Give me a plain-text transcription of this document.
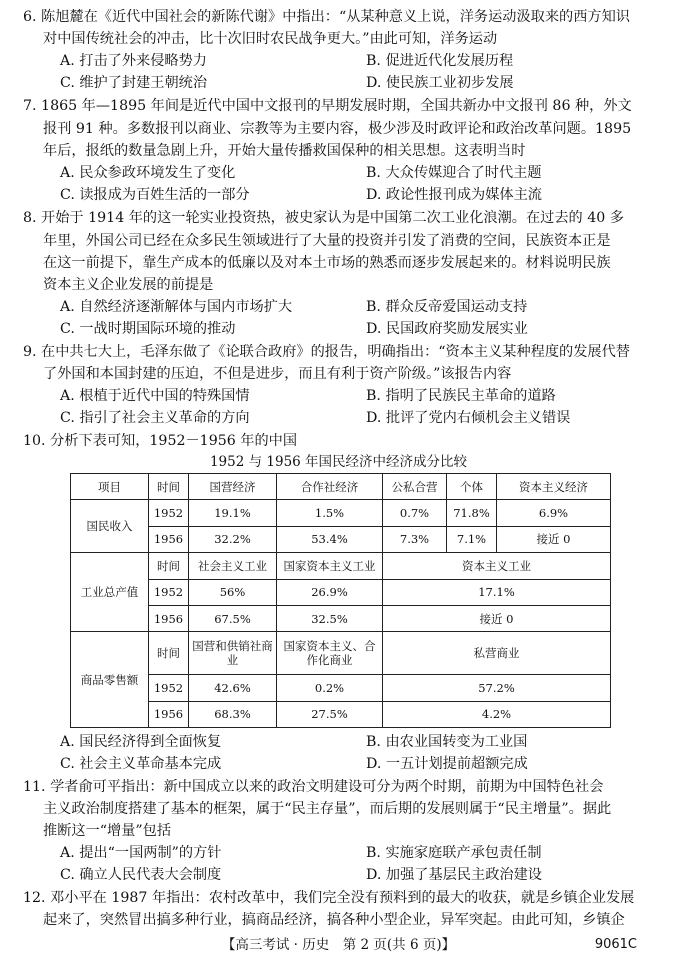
6. 陈旭麓在《近代中国社会的新陈代谢》中指出：“从某种意义上说，洋务运动汲取来的西方知识
对中国传统社会的冲击，比十次旧时农民战争更大。”由此可知，洋务运动
A. 打击了外来侵略势力	B. 促进近代化发展历程
C. 维护了封建王朝统治	D. 使民族工业初步发展
7. 1865 年—1895 年间是近代中国中文报刊的早期发展时期，全国共新办中文报刊 86 种，外文
报刊 91 种。多数报刊以商业、宗教等为主要内容，极少涉及时政评论和政治改革问题。1895
年后，报纸的数量急剧上升，开始大量传播救国保种的相关思想。这表明当时
A. 民众参政环境发生了变化	B. 大众传媒迎合了时代主题
C. 读报成为百姓生活的一部分	D. 政论性报刊成为媒体主流
8. 开始于 1914 年的这一轮实业投资热，被史家认为是中国第二次工业化浪潮。在过去的 40 多
年里，外国公司已经在众多民生领域进行了大量的投资并引发了消费的空间，民族资本正是
在这一前提下，靠生产成本的低廉以及对本土市场的熟悉而逐步发展起来的。材料说明民族
资本主义企业发展的前提是
A. 自然经济逐渐解体与国内市场扩大	B. 群众反帝爱国运动支持
C. 一战时期国际环境的推动	D. 民国政府奖励发展实业
9. 在中共七大上，毛泽东做了《论联合政府》的报告，明确指出：“资本主义某种程度的发展代替
了外国和本国封建的压迫，不但是进步，而且有利于资产阶级。”该报告内容
A. 根植于近代中国的特殊国情	B. 指明了民族民主革命的道路
C. 指引了社会主义革命的方向	D. 批评了党内右倾机会主义错误
10. 分析下表可知，1952－1956 年的中国
1952 与 1956 年国民经济中经济成分比较
项目	时间	国营经济	合作社经济	公私合营	个体	资本主义经济
国民收入	1952	19.1%	1.5%	0.7%	71.8%	6.9%
	1956	32.2%	53.4%	7.3%	7.1%	接近 0
工业总产值	时间	社会主义工业	国家资本主义工业	资本主义工业		
	1952	56%	26.9%	17.1%		
	1956	67.5%	32.5%	接近 0		
商品零售额	时间	国营和供销社商业	国家资本主义、合作化商业	私营商业		
	1952	42.6%	0.2%	57.2%		
	1956	68.3%	27.5%	4.2%		
A. 国民经济得到全面恢复	B. 由农业国转变为工业国
C. 社会主义革命基本完成	D. 一五计划提前超额完成
11. 学者俞可平指出：新中国成立以来的政治文明建设可分为两个时期，前期为中国特色社会
主义政治制度搭建了基本的框架，属于“民主存量”，而后期的发展则属于“民主增量”。据此
推断这一“增量”包括
A. 提出“一国两制”的方针	B. 实施家庭联产承包责任制
C. 确立人民代表大会制度	D. 加强了基层民主政治建设
12. 邓小平在 1987 年指出：农村改革中，我们完全没有预料到的最大的收获，就是乡镇企业发展
起来了，突然冒出搞多种行业，搞商品经济，搞各种小型企业，异军突起。由此可知，乡镇企
【高三考试 · 历史　第 2 页(共 6 页)】	9061C
